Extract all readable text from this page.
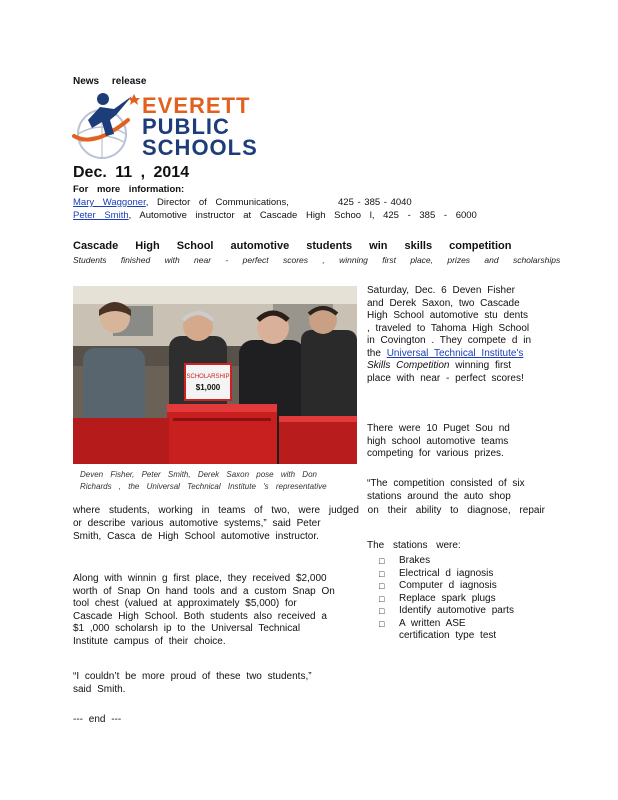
News release
EVERETT
PUBLIC
SCHOOLS
Dec. 11 , 2014
For more information:
Mary Waggoner, Director of Communications,	425 - 385 - 4040
Peter Smith, Automotive instructor at Cascade High Schoo l, 425 - 385 - 6000
Cascade High School automotive students win skills competition
Students finished with near - perfect scores , winning first place, prizes and scholarships
SCHOLARSHIP
$1,000
Deven Fisher, Peter Smith, Derek Saxon pose with Don Richards , the Universal Technical Institute 's representative
Saturday, Dec. 6 Deven Fisher and Derek Saxon, two Cascade High School automotive stu dents , traveled to Tahoma High School in Covington . They compete d in the Universal Technical Institute's Skills Competition winning first place with near - perfect scores!
There were 10 Puget Sou nd high school automotive teams competing for various prizes.
“The competition consisted of six stations around the auto shop
where students, working in teams of two, were judged on their ability to diagnose, repair
or describe various automotive systems,” said Peter Smith, Casca de High School automotive instructor.
Along with winnin g first place, they received $2,000 worth of Snap On hand tools and a custom Snap On tool chest (valued at approximately $5,000) for Cascade High School. Both students also received a $1 ,000 scholarsh ip to the Universal Technical Institute campus of their choice.
“I couldn’t be more proud of these two students,” said Smith.
--- end ---
The stations were:
□ Brakes
□ Electrical d iagnosis
□ Computer d iagnosis
□ Replace spark plugs
□ Identify automotive parts
□ A written ASE certification type test
